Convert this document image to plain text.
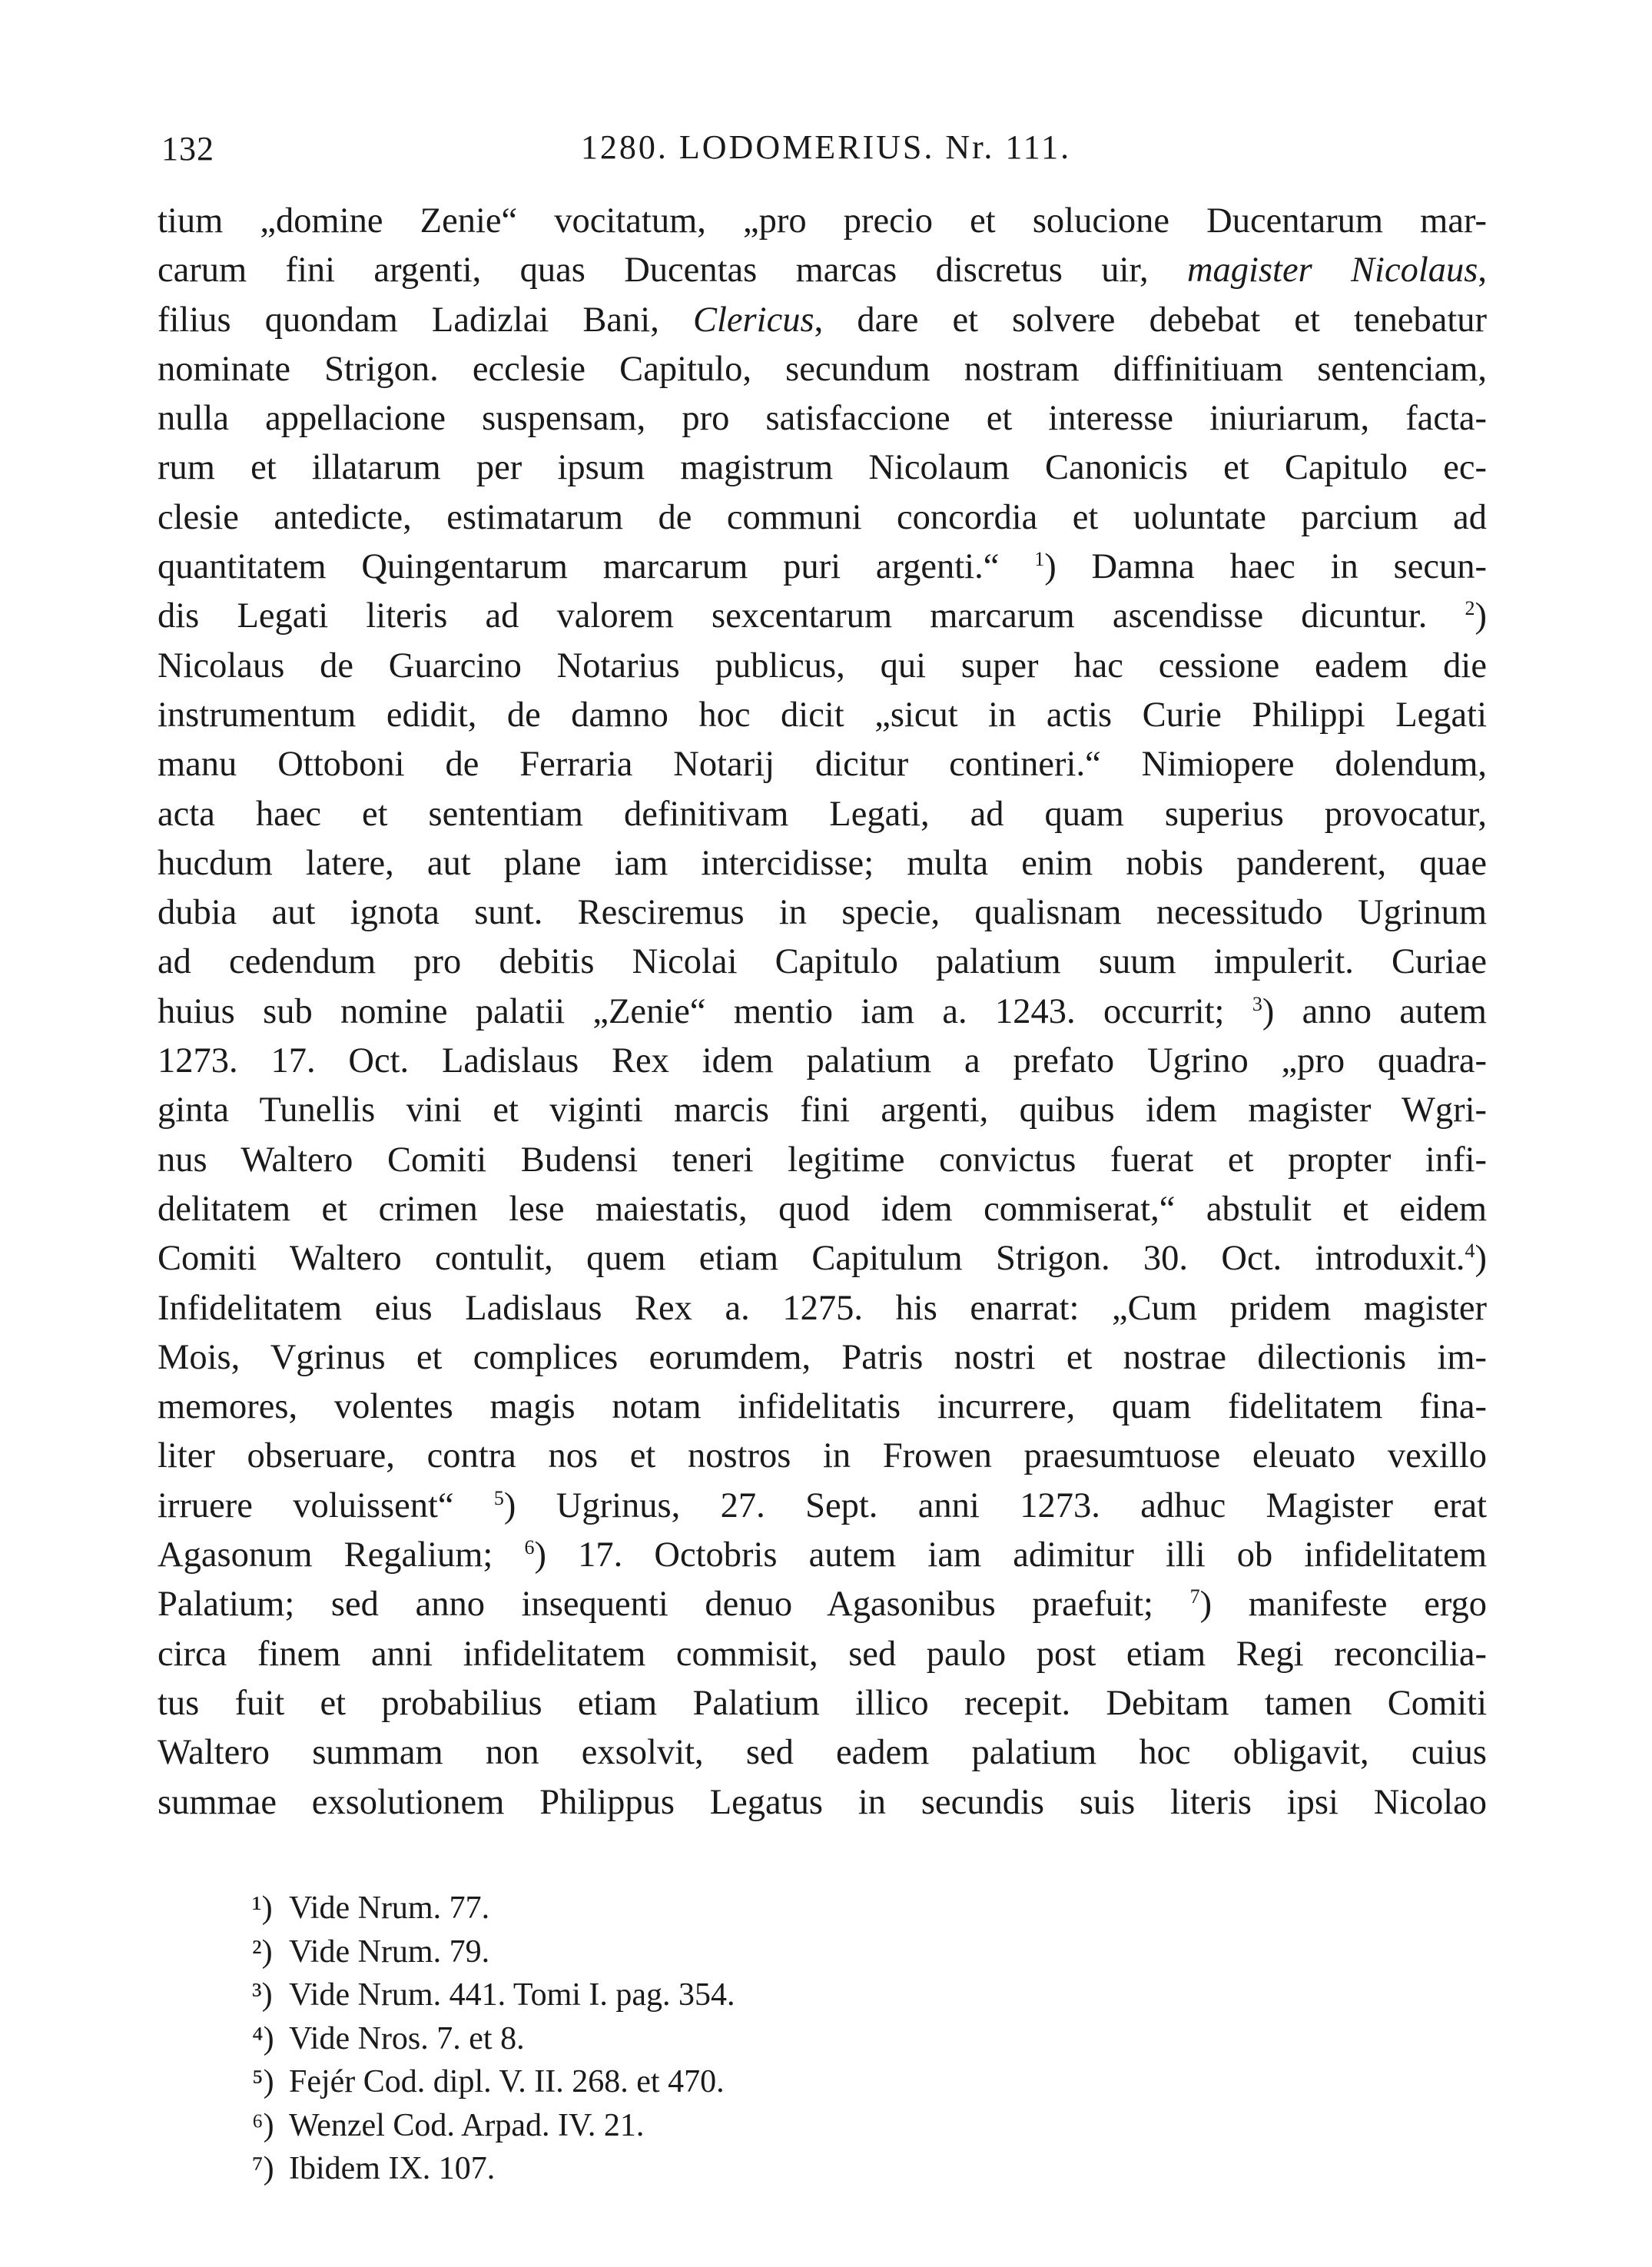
132	1280. LODOMERIUS. Nr. 111.
tium „domine Zenie“ vocitatum, „pro precio et solucione Ducentarum mar-
carum fini argenti, quas Ducentas marcas discretus uir, magister Nicolaus,
filius quondam Ladizlai Bani, Clericus, dare et solvere debebat et tenebatur
nominate Strigon. ecclesie Capitulo, secundum nostram diffinitiuam sentenciam,
nulla appellacione suspensam, pro satisfaccione et interesse iniuriarum, facta-
rum et illatarum per ipsum magistrum Nicolaum Canonicis et Capitulo ec-
clesie antedicte, estimatarum de communi concordia et uoluntate parcium ad
quantitatem Quingentarum marcarum puri argenti.“ $^1$) Damna haec in secun-
dis Legati literis ad valorem sexcentarum marcarum ascendisse dicuntur. $^2$)
Nicolaus de Guarcino Notarius publicus, qui super hac cessione eadem die
instrumentum edidit, de damno hoc dicit „sicut in actis Curie Philippi Legati
manu Ottoboni de Ferraria Notarij dicitur contineri.“ Nimiopere dolendum,
acta haec et sententiam definitivam Legati, ad quam superius provocatur,
hucdum latere, aut plane iam intercidisse; multa enim nobis panderent, quae
dubia aut ignota sunt. Resciremus in specie, qualisnam necessitudo Ugrinum
ad cedendum pro debitis Nicolai Capitulo palatium suum impulerit. Curiae
huius sub nomine palatii „Zenie“ mentio iam a. 1243. occurrit; $^3$) anno autem
1273. 17. Oct. Ladislaus Rex idem palatium a prefato Ugrino „pro quadra-
ginta Tunellis vini et viginti marcis fini argenti, quibus idem magister Wgri-
nus Waltero Comiti Budensi teneri legitime convictus fuerat et propter infi-
delitatem et crimen lese maiestatis, quod idem commiserat,“ abstulit et eidem
Comiti Waltero contulit, quem etiam Capitulum Strigon. 30. Oct. introduxit.$^4$)
Infidelitatem eius Ladislaus Rex a. 1275. his enarrat: „Cum pridem magister
Mois, Vgrinus et complices eorumdem, Patris nostri et nostrae dilectionis im-
memores, volentes magis notam infidelitatis incurrere, quam fidelitatem fina-
liter obseruare, contra nos et nostros in Frowen praesumtuose eleuato vexillo
irruere voluissent“ $^5$) Ugrinus, 27. Sept. anni 1273. adhuc Magister erat
Agasonum Regalium; $^6$) 17. Octobris autem iam adimitur illi ob infidelitatem
Palatium; sed anno insequenti denuo Agasonibus praefuit; $^7$) manifeste ergo
circa finem anni infidelitatem commisit, sed paulo post etiam Regi reconcilia-
tus fuit et probabilius etiam Palatium illico recepit. Debitam tamen Comiti
Waltero summam non exsolvit, sed eadem palatium hoc obligavit, cuius
summae exsolutionem Philippus Legatus in secundis suis literis ipsi Nicolao
¹) Vide Nrum. 77.
²) Vide Nrum. 79.
³) Vide Nrum. 441. Tomi I. pag. 354.
⁴) Vide Nros. 7. et 8.
⁵) Fejér Cod. dipl. V. II. 268. et 470.
⁶) Wenzel Cod. Arpad. IV. 21.
⁷) Ibidem IX. 107.
